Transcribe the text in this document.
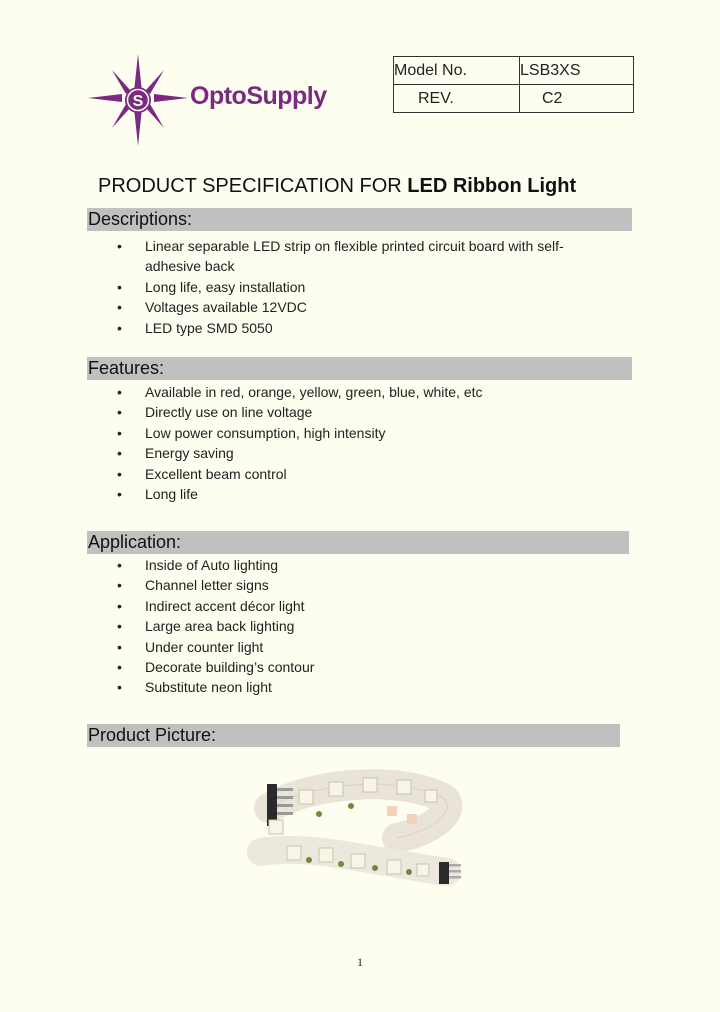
S OptoSupply
Model No.	LSB3XS
REV.	C2
PRODUCT SPECIFICATION FOR LED Ribbon Light
Descriptions:
• Linear separable LED strip on flexible printed circuit board with self-adhesive back
• Long life, easy installation
• Voltages available 12VDC
• LED type SMD 5050
Features:
• Available in red, orange, yellow, green, blue, white, etc
• Directly use on line voltage
• Low power consumption, high intensity
• Energy saving
• Excellent beam control
• Long life
Application:
• Inside of Auto lighting
• Channel letter signs
• Indirect accent décor light
• Large area back lighting
• Under counter light
• Decorate building’s contour
• Substitute neon light
Product Picture:
1
